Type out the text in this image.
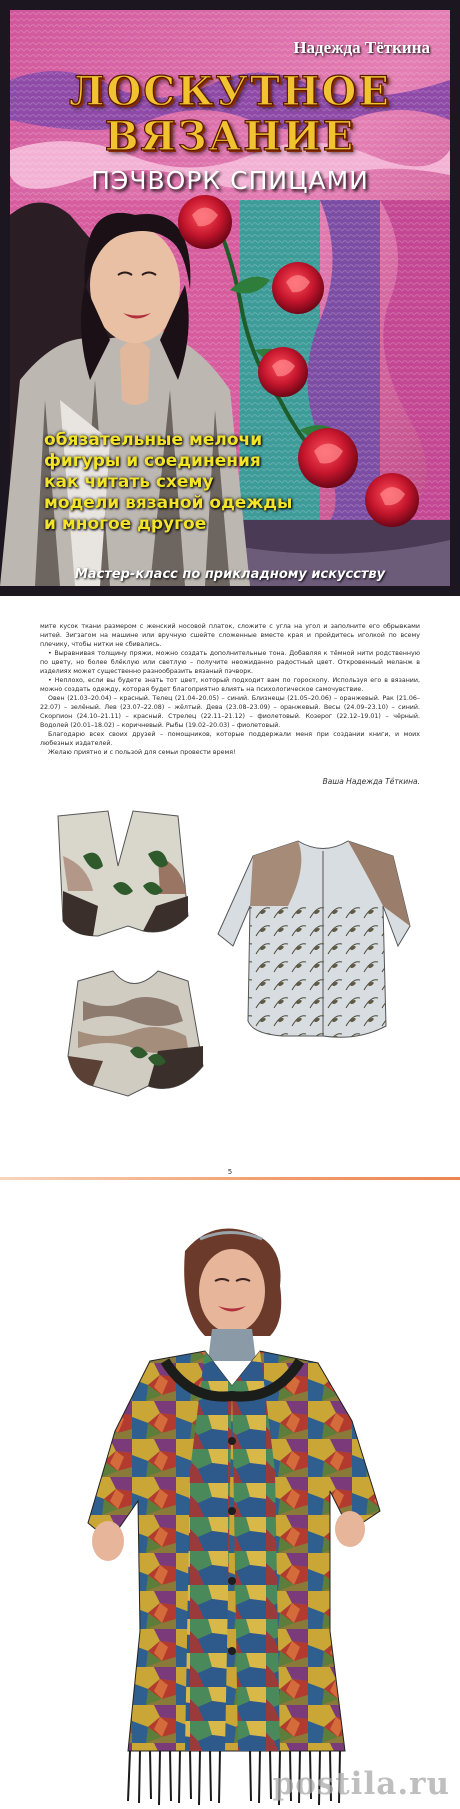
Надежда Тёткина
ЛОСКУТНОЕ
ВЯЗАНИЕ
ПЭЧВОРК СПИЦАМИ
обязательные мелочи
фигуры и соединения
как читать схему
модели вязаной одежды
и многое другое
Мастер-класс по прикладному искусству

мите кусок ткани размером с женский носовой платок, сложите с угла на угол и заполните его обрывками нитей. Зигзагом на машине или вручную сшейте сложенные вместе края и пройдитесь иголкой по всему плечику, чтобы нитки не сбивались.

• Выравнивая толщину пряжи, можно создать дополнительные тона. Добавляя к тёмной нити родственную по цвету, но более блёклую или светлую – получите неожиданно радостный цвет. Откровенный меланж в изделиях может существенно разнообразить вязаный пэчворк.

• Неплохо, если вы будете знать тот цвет, который подходит вам по гороскопу. Используя его в вязании, можно создать одежду, которая будет благоприятно влиять на психологическое самочувствие.

Овен (21.03–20.04) – красный. Телец (21.04–20.05) – синий. Близнецы (21.05–20.06) – оранжевый. Рак (21.06–22.07) – зелёный. Лев (23.07–22.08) – жёлтый. Дева (23.08–23.09) – оранжевый. Весы (24.09–23.10) – синий. Скорпион (24.10–21.11) – красный. Стрелец (22.11–21.12) – фиолетовый. Козерог (22.12–19.01) – чёрный. Водолей (20.01–18.02) – коричневый. Рыбы (19.02–20.03) – фиолетовый.

Благодарю всех своих друзей – помощников, которые поддержали меня при создании книги, и моих любезных издателей.

Желаю приятно и с пользой для семьи провести время!

Ваша Надежда Тёткина.
5
postila.ru
